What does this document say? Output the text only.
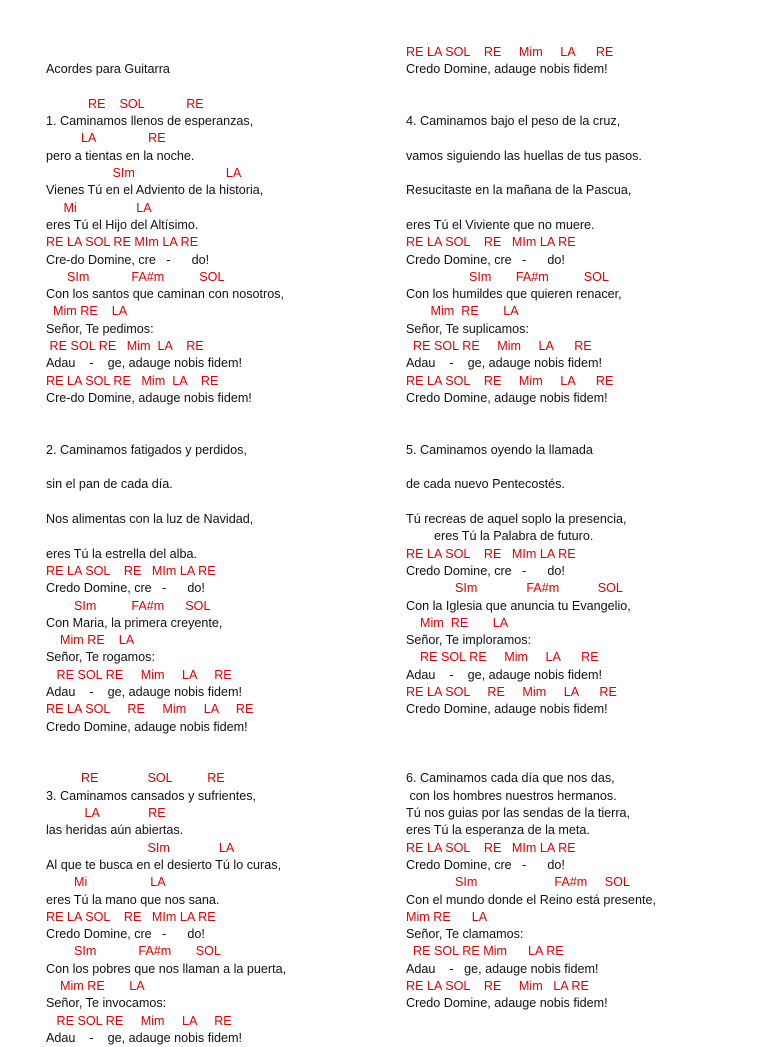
Acordes para Guitarra
RE    SOL            RE
1. Caminamos llenos de esperanzas,
LA               RE
pero a tientas en la noche.
SIm                          LA
Vienes Tú en el Adviento de la historia,
Mi                 LA
eres Tú el Hijo del Altísimo.
RE LA SOL RE MIm LA RE
Cre-do Domine, cre   -      do!
SIm            FA#m          SOL
Con los santos que caminan con nosotros,
Mim RE    LA
Señor, Te pedimos:
RE SOL RE   Mim  LA    RE
Adau    -    ge, adauge nobis fidem!
RE LA SOL RE   Mim  LA    RE
Cre-do Domine, adauge nobis fidem!
2. Caminamos fatigados y perdidos,
sin el pan de cada día.
Nos alimentas con la luz de Navidad,
eres Tú la estrella del alba.
RE LA SOL    RE   MIm LA RE
Credo Domine, cre   -      do!
SIm          FA#m      SOL
Con Maria, la primera creyente,
Mim RE    LA
Señor, Te rogamos:
RE SOL RE     Mim     LA     RE
Adau    -    ge, adauge nobis fidem!
RE LA SOL     RE     Mim     LA     RE
Credo Domine, adauge nobis fidem!
RE              SOL          RE
3. Caminamos cansados y sufrientes,
LA              RE
las heridas aún abiertas.
SIm              LA
Al que te busca en el desierto Tú lo curas,
Mi                  LA
eres Tú la mano que nos sana.
RE LA SOL    RE   MIm LA RE
Credo Domine, cre   -      do!
SIm            FA#m       SOL
Con los pobres que nos llaman a la puerta,
Mim RE       LA
Señor, Te invocamos:
RE SOL RE     Mim     LA     RE
Adau    -    ge, adauge nobis fidem!
RE LA SOL    RE     Mim     LA      RE
Credo Domine, adauge nobis fidem!
4. Caminamos bajo el peso de la cruz,
vamos siguiendo las huellas de tus pasos.
Resucitaste en la mañana de la Pascua,
eres Tú el Viviente que no muere.
RE LA SOL    RE   MIm LA RE
Credo Domine, cre   -      do!
SIm       FA#m          SOL
Con los humildes que quieren renacer,
Mim  RE       LA
Señor, Te suplicamos:
RE SOL RE     Mim     LA      RE
Adau    -    ge, adauge nobis fidem!
RE LA SOL    RE     Mim     LA      RE
Credo Domine, adauge nobis fidem!
5. Caminamos oyendo la llamada
de cada nuevo Pentecostés.
Tú recreas de aquel soplo la presencia,
eres Tú la Palabra de futuro.
RE LA SOL    RE   MIm LA RE
Credo Domine, cre   -      do!
SIm              FA#m           SOL
Con la Iglesia que anuncia tu Evangelio,
Mim  RE       LA
Señor, Te imploramos:
RE SOL RE     Mim     LA      RE
Adau    -    ge, adauge nobis fidem!
RE LA SOL     RE     Mim     LA      RE
Credo Domine, adauge nobis fidem!
6. Caminamos cada día que nos das,
con los hombres nuestros hermanos.
Tú nos guias por las sendas de la tierra,
eres Tú la esperanza de la meta.
RE LA SOL    RE   MIm LA RE
Credo Domine, cre   -      do!
SIm                      FA#m     SOL
Con el mundo donde el Reino está presente,
Mim RE      LA
Señor, Te clamamos:
RE SOL RE Mim      LA RE
Adau    -   ge, adauge nobis fidem!
RE LA SOL    RE     Mim   LA RE
Credo Domine, adauge nobis fidem!
